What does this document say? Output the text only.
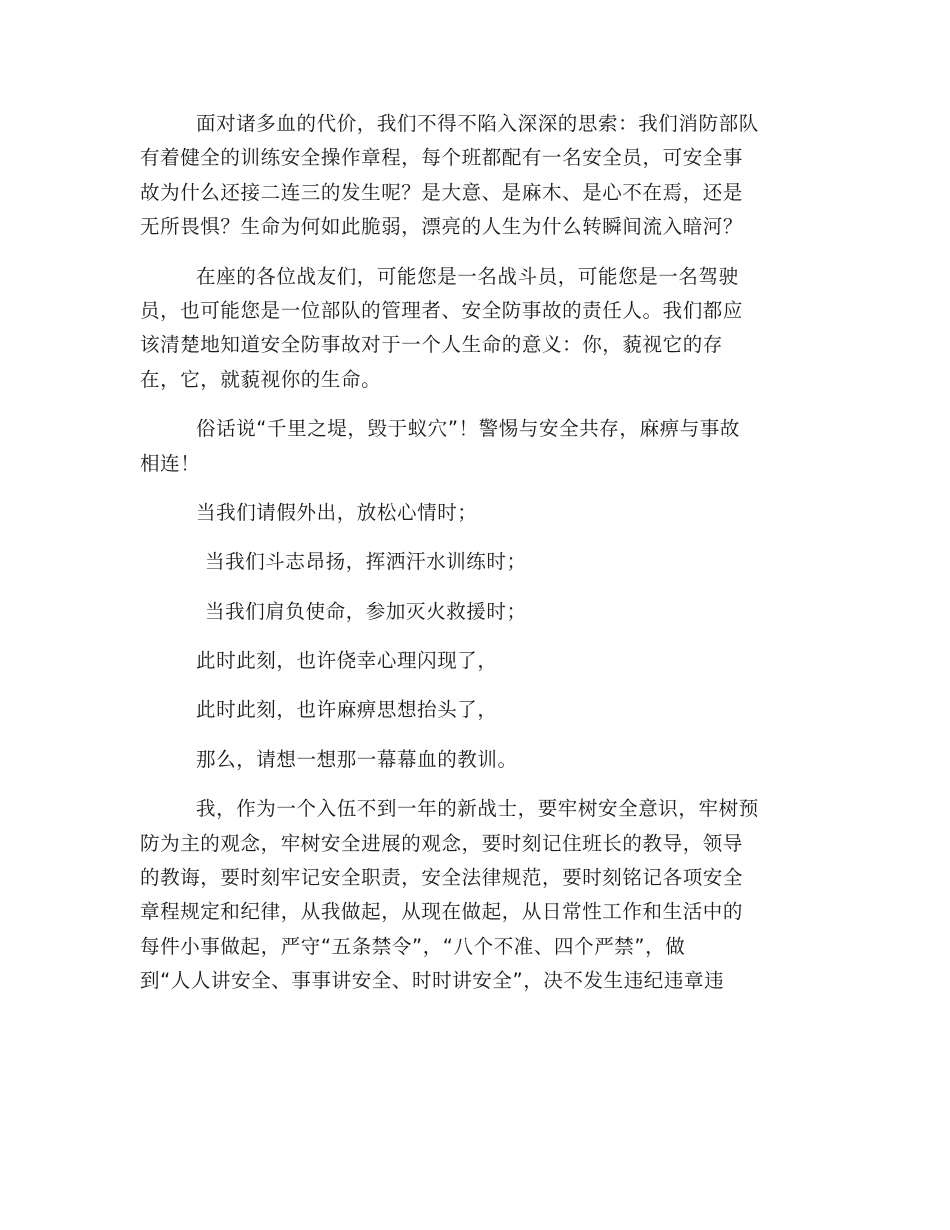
面对诸多血的代价，我们不得不陷入深深的思索：我们消防部队
有着健全的训练安全操作章程，每个班都配有一名安全员，可安全事
故为什么还接二连三的发生呢？是大意、是麻木、是心不在焉，还是
无所畏惧？生命为何如此脆弱，漂亮的人生为什么转瞬间流入暗河？
在座的各位战友们，可能您是一名战斗员，可能您是一名驾驶
员，也可能您是一位部队的管理者、安全防事故的责任人。我们都应
该清楚地知道安全防事故对于一个人生命的意义：你，藐视它的存
在，它，就藐视你的生命。
俗话说“千里之堤，毁于蚁穴”！警惕与安全共存，麻痹与事故
相连！
当我们请假外出，放松心情时；
当我们斗志昂扬，挥洒汗水训练时；
当我们肩负使命，参加灭火救援时；
此时此刻，也许侥幸心理闪现了，
此时此刻，也许麻痹思想抬头了，
那么，请想一想那一幕幕血的教训。
我，作为一个入伍不到一年的新战士，要牢树安全意识，牢树预
防为主的观念，牢树安全进展的观念，要时刻记住班长的教导，领导
的教诲，要时刻牢记安全职责，安全法律规范，要时刻铭记各项安全
章程规定和纪律，从我做起，从现在做起，从日常性工作和生活中的
每件小事做起，严守“五条禁令”，“八个不准、四个严禁”，做
到“人人讲安全、事事讲安全、时时讲安全”，决不发生违纪违章违
